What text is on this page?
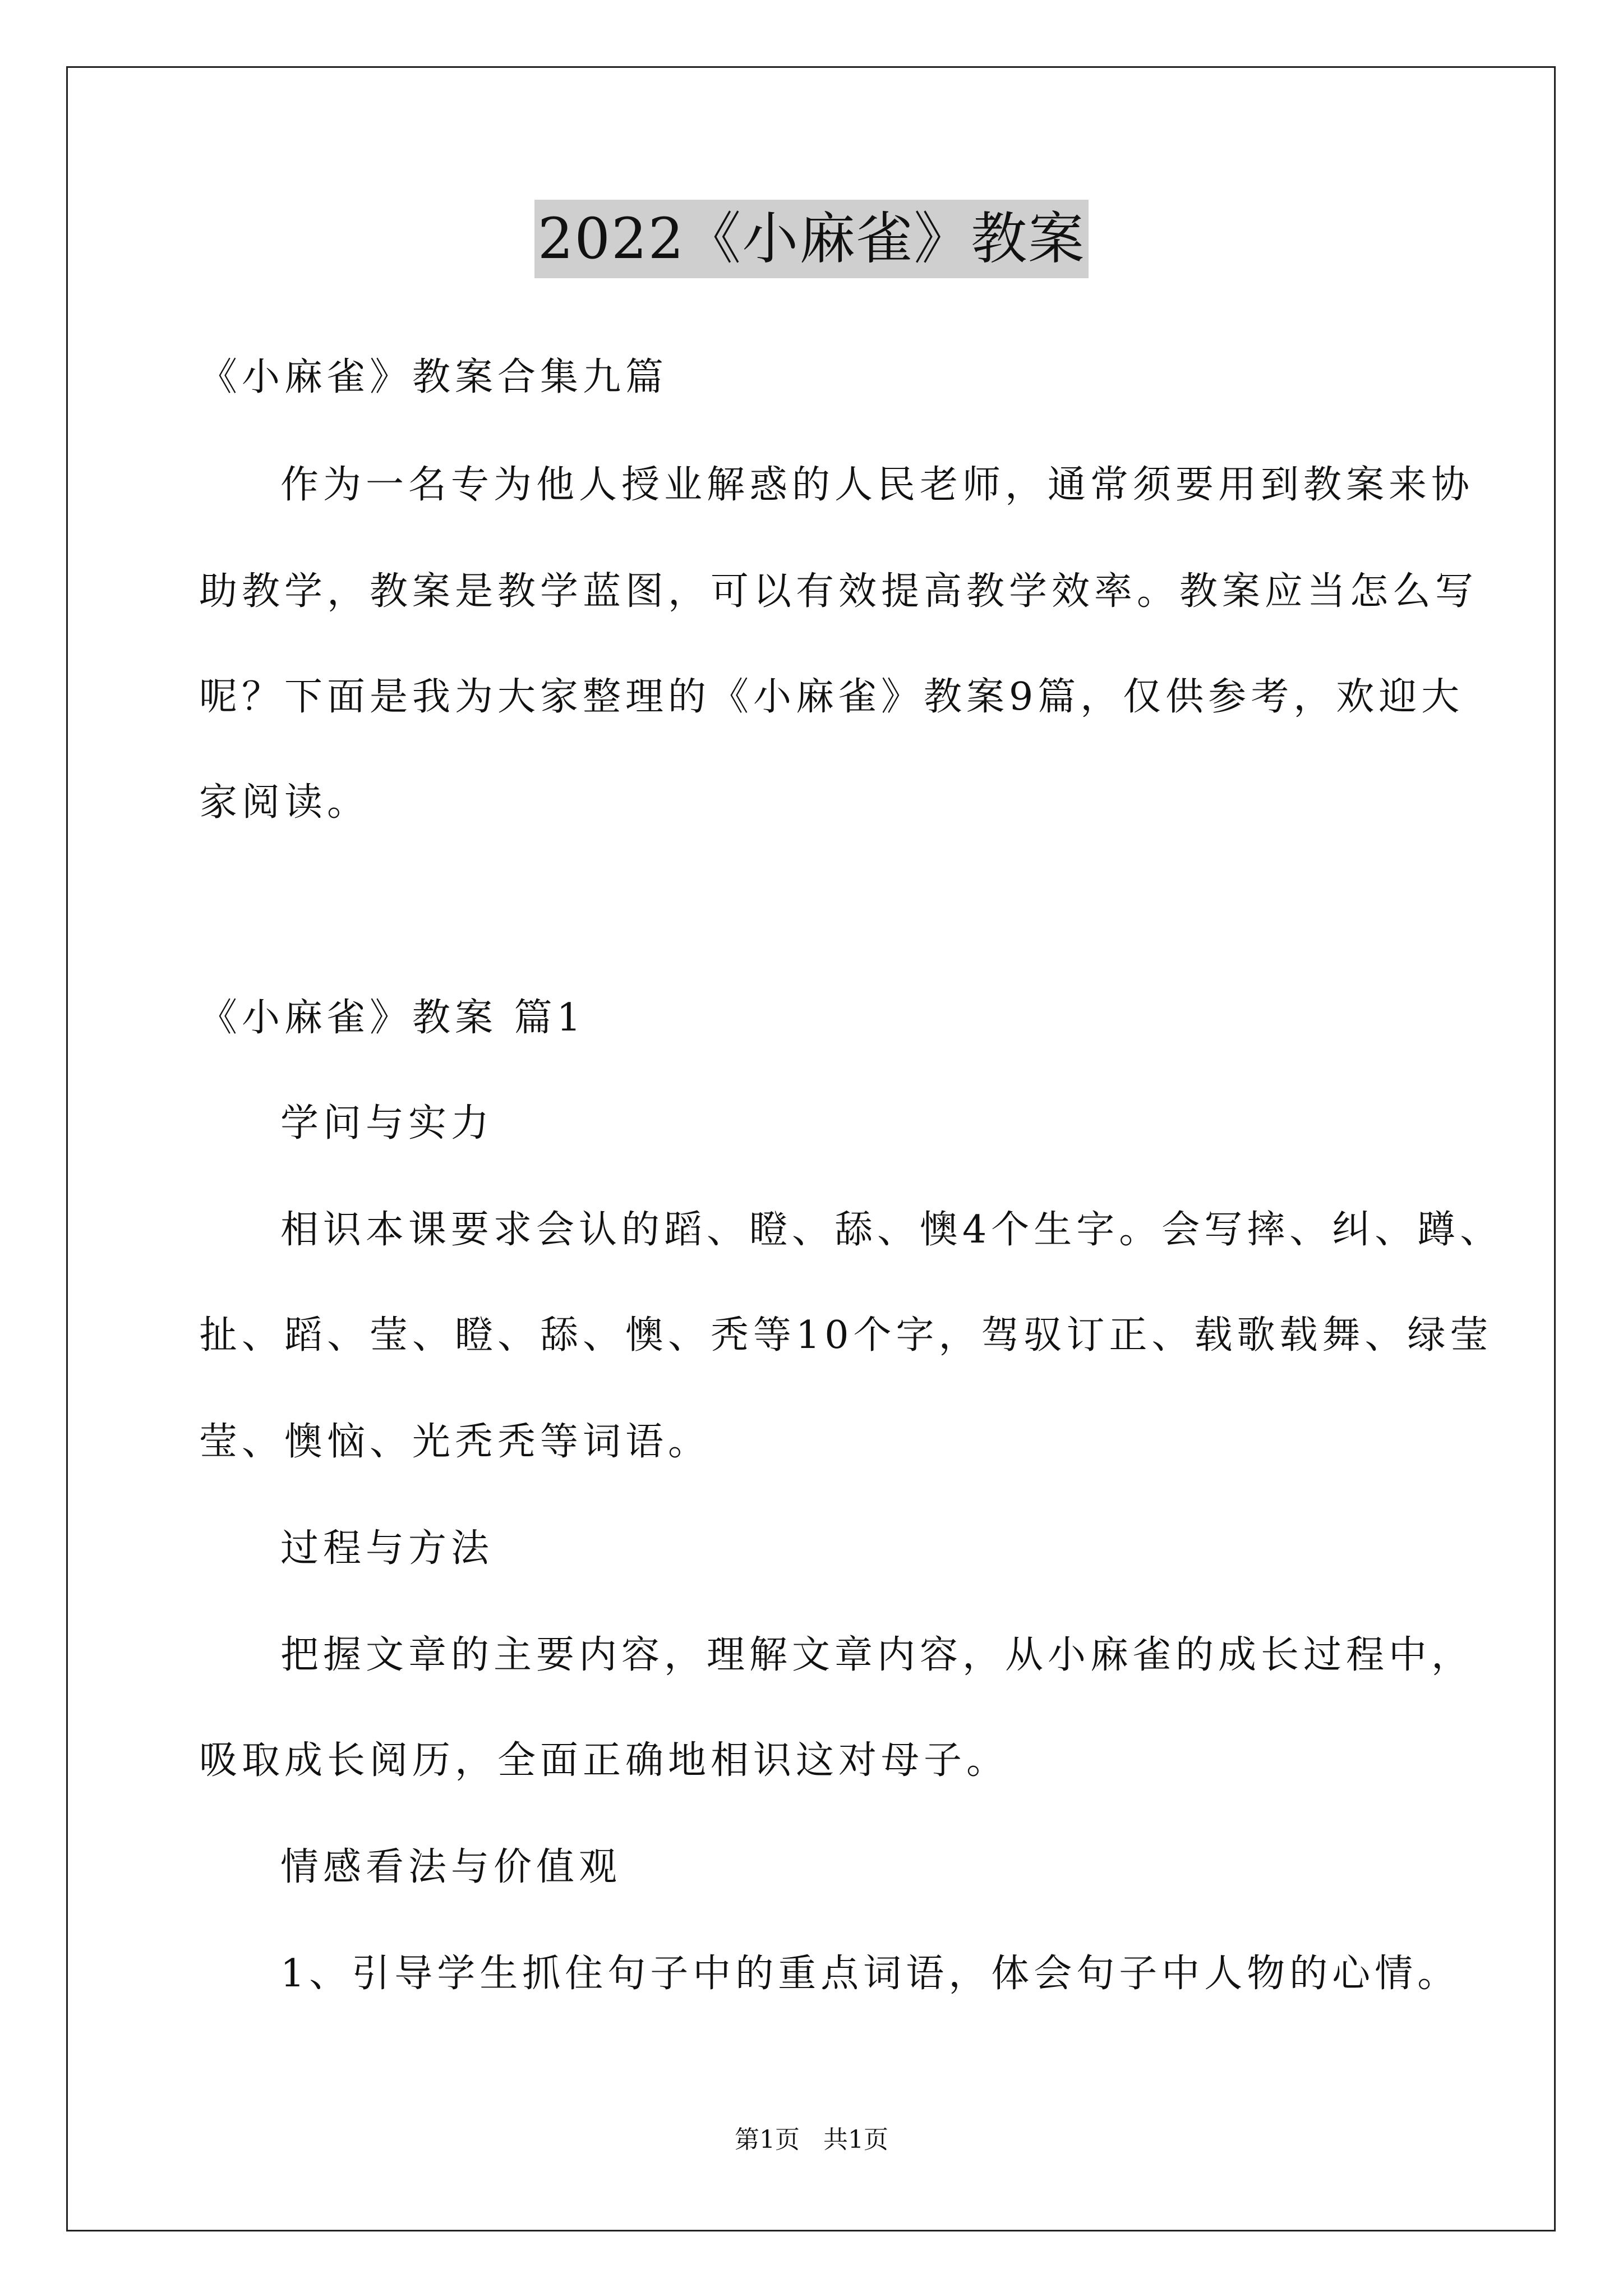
2022《小麻雀》教案
《小麻雀》教案合集九篇
作为一名专为他人授业解惑的人民老师，通常须要用到教案来协
助教学，教案是教学蓝图，可以有效提高教学效率。教案应当怎么写
呢？下面是我为大家整理的《小麻雀》教案9篇，仅供参考，欢迎大
家阅读。
《小麻雀》教案 篇1
学问与实力
相识本课要求会认的蹈、瞪、舔、懊4个生字。会写摔、纠、蹲、
扯、蹈、莹、瞪、舔、懊、秃等10个字，驾驭订正、载歌载舞、绿莹
莹、懊恼、光秃秃等词语。
过程与方法
把握文章的主要内容，理解文章内容，从小麻雀的成长过程中，
吸取成长阅历，全面正确地相识这对母子。
情感看法与价值观
1、引导学生抓住句子中的重点词语，体会句子中人物的心情。
第1页   共1页
